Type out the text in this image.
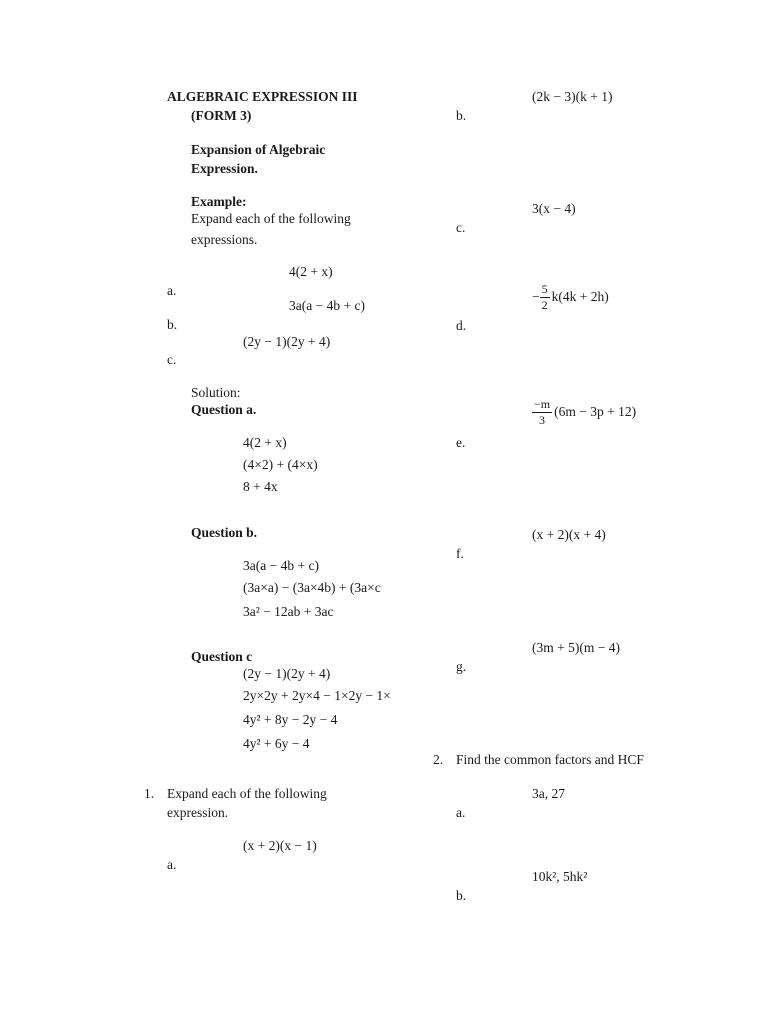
ALGEBRAIC EXPRESSION III
(FORM 3)
Expansion of Algebraic
Expression.
Example:
Expand each of the following
expressions.
4(2 + x)
a.
3a(a − 4b + c)
b.
(2y − 1)(2y + 4)
c.
Solution:
Question a.
4(2 + x)
(4×2) + (4×x)
8 + 4x
Question b.
3a(a − 4b + c)
(3a×a) − (3a×4b) + (3a×c
3a² − 12ab + 3ac
Question c
(2y − 1)(2y + 4)
2y×2y + 2y×4 − 1×2y − 1×
4y² + 8y − 2y − 4
4y² + 6y − 4
1. Expand each of the following
expression.
(x + 2)(x − 1)
a.
(2k − 3)(k + 1)
b.
3(x − 4)
c.
− $\frac{5}{2} k(4k + 2h)$
d.
$\frac{-m}{3} (6m - 3p + 12)$
e.
(x + 2)(x + 4)
f.
(3m + 5)(m − 4)
g.
2. Find the common factors and HCF
3a, 27
a.
10k², 5hk²
b.
